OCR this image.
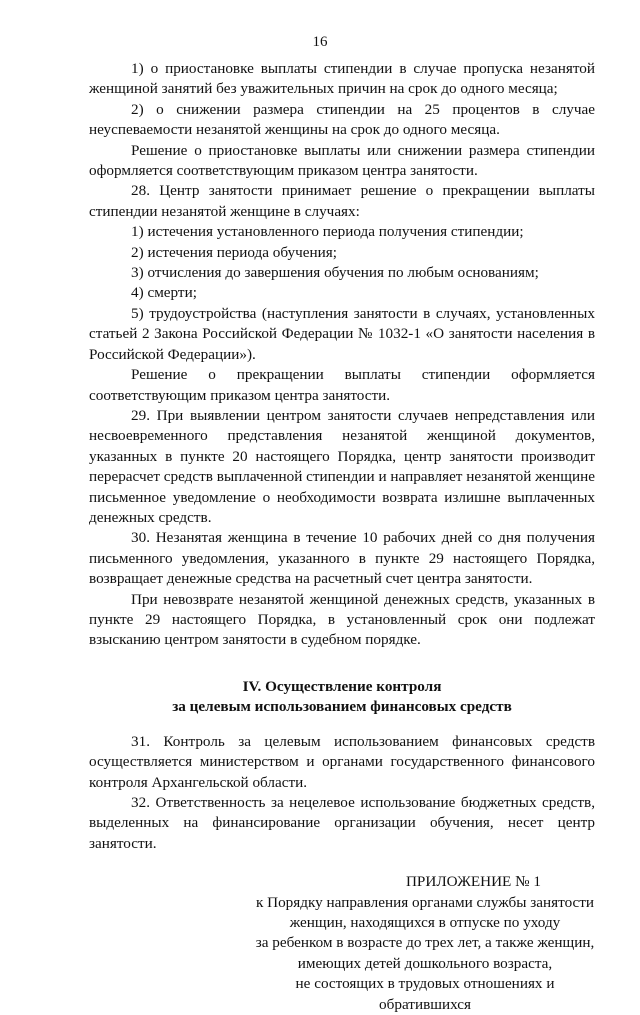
16

1) о приостановке выплаты стипендии в случае пропуска незанятой женщиной занятий без уважительных причин на срок до одного месяца;

2) о снижении размера стипендии на 25 процентов в случае неуспеваемости незанятой женщины на срок до одного месяца.

Решение о приостановке выплаты или снижении размера стипендии оформляется соответствующим приказом центра занятости.

28. Центр занятости принимает решение о прекращении выплаты стипендии незанятой женщине в случаях:

1) истечения установленного периода получения стипендии;

2) истечения периода обучения;

3) отчисления до завершения обучения по любым основаниям;

4) смерти;

5) трудоустройства (наступления занятости в случаях, установленных статьей 2 Закона Российской Федерации № 1032-1 «О занятости населения в Российской Федерации»).

Решение о прекращении выплаты стипендии оформляется соответствующим приказом центра занятости.

29. При выявлении центром занятости случаев непредставления или несвоевременного представления незанятой женщиной документов, указанных в пункте 20 настоящего Порядка, центр занятости производит перерасчет средств выплаченной стипендии и направляет незанятой женщине письменное уведомление о необходимости возврата излишне выплаченных денежных средств.

30. Незанятая женщина в течение 10 рабочих дней со дня получения письменного уведомления, указанного в пункте 29 настоящего Порядка, возвращает денежные средства на расчетный счет центра занятости.

При невозврате незанятой женщиной денежных средств, указанных в пункте 29 настоящего Порядка, в установленный срок они подлежат взысканию центром занятости в судебном порядке.

IV. Осуществление контроля
за целевым использованием финансовых средств

31. Контроль за целевым использованием финансовых средств осуществляется министерством и органами государственного финансового контроля Архангельской области.

32. Ответственность за нецелевое использование бюджетных средств, выделенных на финансирование организации обучения, несет центр занятости.

ПРИЛОЖЕНИЕ № 1
к Порядку направления органами службы занятости
женщин, находящихся в отпуске по уходу
за ребенком в возрасте до трех лет, а также женщин,
имеющих детей дошкольного возраста,
не состоящих в трудовых отношениях и обратившихся
